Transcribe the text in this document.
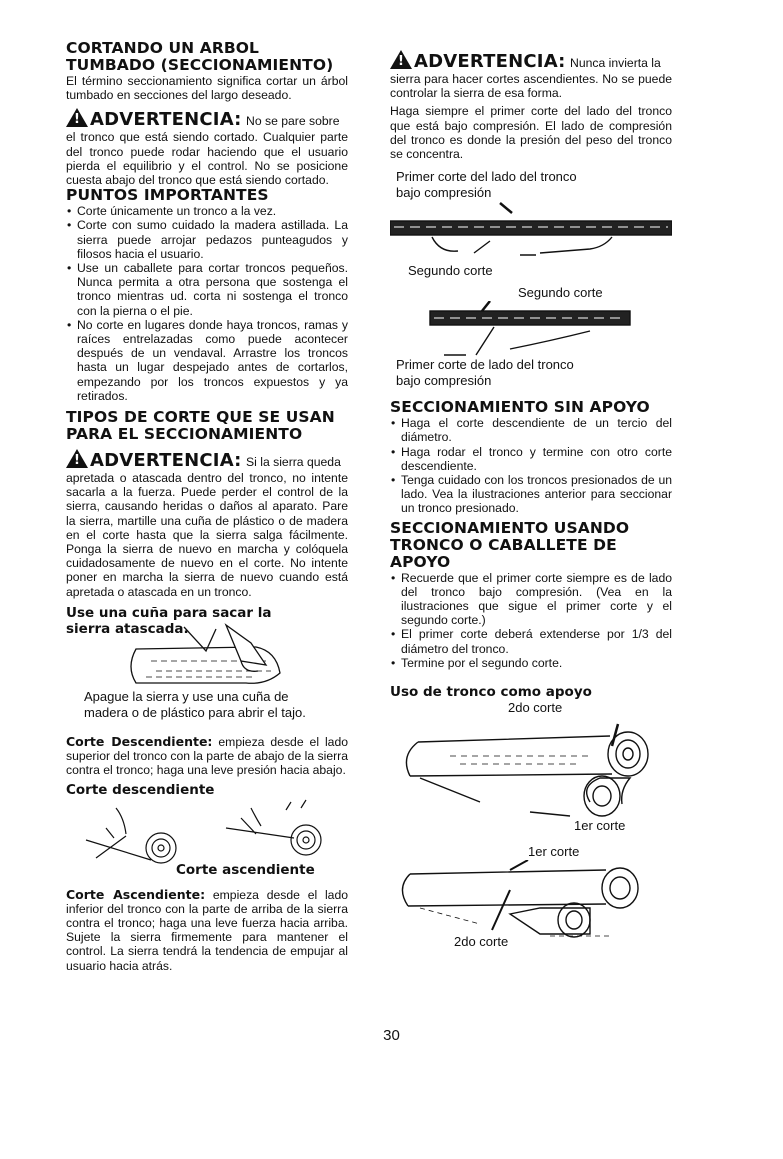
CORTANDO UN ARBOL TUMBADO (SECCIONAMIENTO)

El término seccionamiento significa cortar un árbol tumbado en secciones del largo deseado.

!ADVERTENCIA: No se pare sobre

el tronco que está siendo cortado. Cualquier parte del tronco puede rodar haciendo que el usuario pierda el equilibrio y el control. No se posicione cuesta abajo del tronco que está siendo cortado.

PUNTOS IMPORTANTES
• Corte únicamente un tronco a la vez.
• Corte con sumo cuidado la madera astillada. La sierra puede arrojar pedazos punteagudos y filosos hacia el usuario.
• Use un caballete para cortar troncos pequeños. Nunca permita a otra persona que sostenga el tronco mientras ud. corta ni sostenga el tronco con la pierna o el pie.
• No corte en lugares donde haya troncos, ramas y raíces entrelazadas como puede acontecer después de un vendaval. Arrastre los troncos hasta un lugar despejado antes de cortarlos, empezando por los troncos expuestos y ya retirados.
TIPOS DE CORTE QUE SE USAN PARA EL SECCIONAMIENTO
!ADVERTENCIA: Si la sierra queda

apretada o atascada dentro del tronco, no intente sacarla a la fuerza. Puede perder el control de la sierra, causando heridas o daños al aparato. Pare la sierra, martille una cuña de plástico o de madera en el corte hasta que la sierra salga fácilmente. Ponga la sierra de nuevo en marcha y colóquela cuidadosamente de nuevo en el corte. No intente poner en marcha la sierra de nuevo cuando está apretada o atascada en un tronco.

Use una cuña para sacar la sierra atascada.

Apague la sierra y use una cuña de madera o de plástico para abrir el tajo.

Corte Descendiente: empieza desde el lado superior del tronco con la parte de abajo de la sierra contra el tronco; haga una leve presión hacia abajo.

Corte descendiente
Corte ascendiente

Corte Ascendiente: empieza desde el lado inferior del tronco con la parte de arriba de la sierra contra el tronco; haga una leve fuerza hacia arriba. Sujete la sierra firmemente para mantener el control. La sierra tendrá la tendencia de empujar al usuario hacia atrás.

!ADVERTENCIA: Nunca invierta la

sierra para hacer cortes ascendientes. No se puede controlar la sierra de esa forma.

Haga siempre el primer corte del lado del tronco que está bajo compresión. El lado de compresión del tronco es donde la presión del peso del tronco se concentra.

Primer corte del lado del tronco bajo compresión
Segundo corte
Segundo corte
Primer corte de lado del tronco bajo compresión
SECCIONAMIENTO SIN APOYO
• Haga el corte descendiente de un tercio del diámetro.
• Haga rodar el tronco y termine con otro corte descendiente.
• Tenga cuidado con los troncos presionados de un lado. Vea la ilustraciones anterior para seccionar un tronco presionado.
SECCIONAMIENTO USANDO TRONCO O CABALLETE DE APOYO
• Recuerde que el primer corte siempre es de lado del tronco bajo compresión. (Vea en la ilustraciones que sigue el primer corte y el segundo corte.)
• El primer corte deberá extenderse por 1/3 del diámetro del tronco.
• Termine por el segundo corte.
Uso de tronco como apoyo
2do corte
1er corte
1er corte
2do corte
30
